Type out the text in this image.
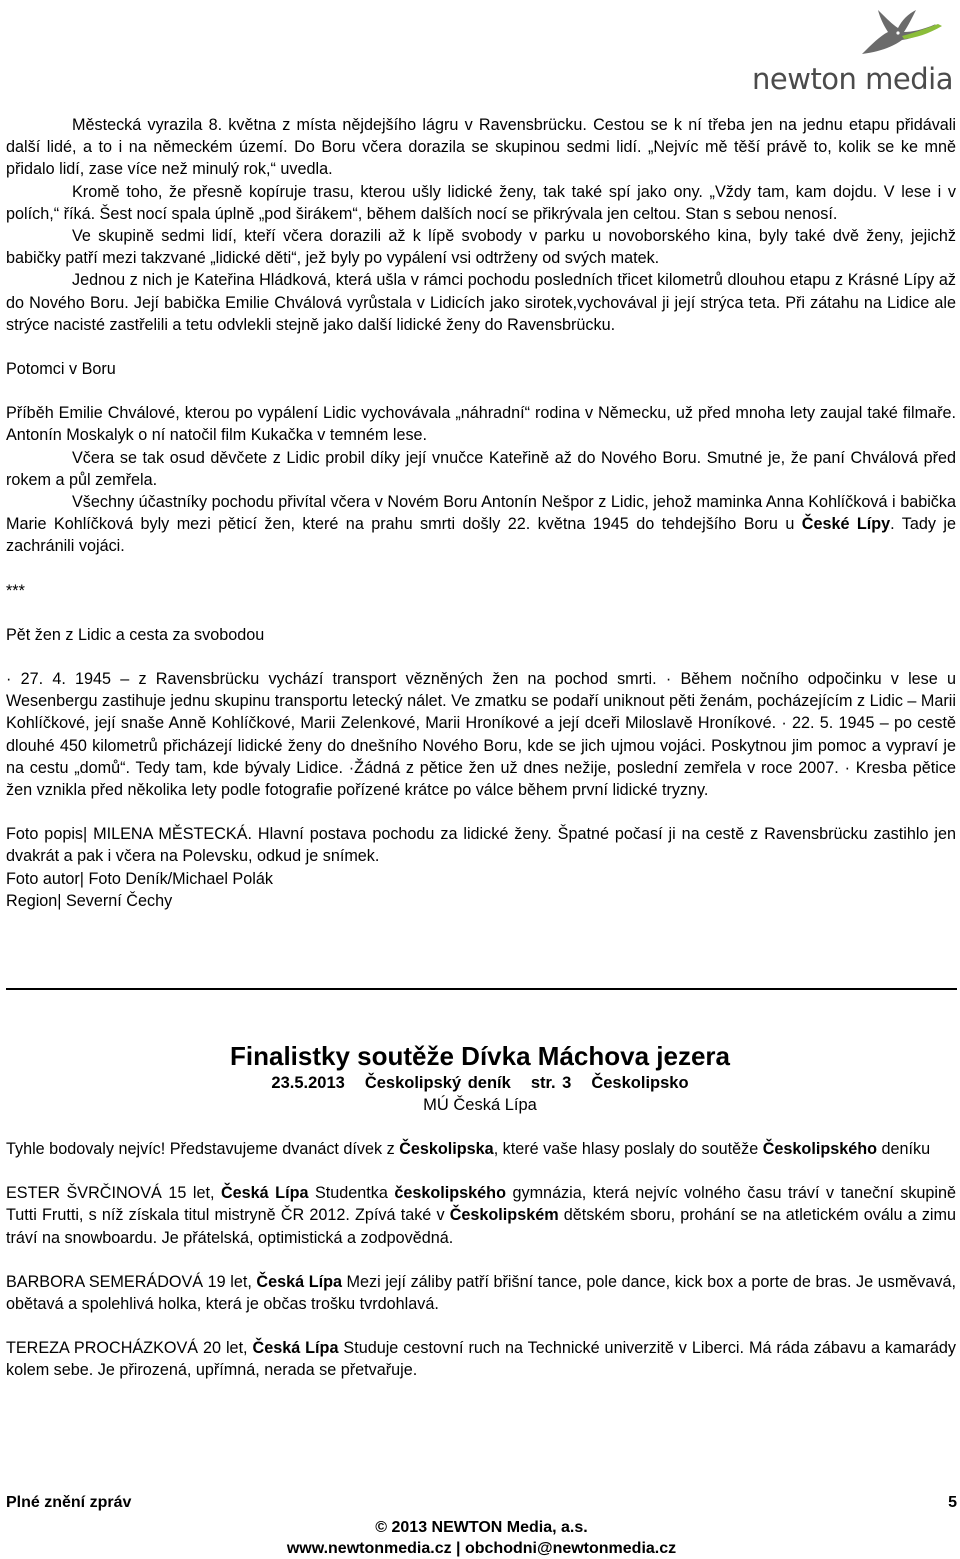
newton media

Městecká vyrazila 8. května z místa nějdejšího lágru v Ravensbrücku. Cestou se k ní třeba jen na jednu etapu přidávali další lidé, a to i na německém území. Do Boru včera dorazila se skupinou sedmi lidí. „Nejvíc mě těší právě to, kolik se ke mně přidalo lidí, zase více než minulý rok,“ uvedla.

Kromě toho, že přesně kopíruje trasu, kterou ušly lidické ženy, tak také spí jako ony. „Vždy tam, kam dojdu. V lese i v polích,“ říká. Šest nocí spala úplně „pod širákem“, během dalších nocí se přikrývala jen celtou. Stan s sebou nenosí.

Ve skupině sedmi lidí, kteří včera dorazili až k lípě svobody v parku u novoborského kina, byly také dvě ženy, jejichž babičky patří mezi takzvané „lidické děti“, jež byly po vypálení vsi odtrženy od svých matek.

Jednou z nich je Kateřina Hládková, která ušla v rámci pochodu posledních třicet kilometrů dlouhou etapu z Krásné Lípy až do Nového Boru. Její babička Emilie Chválová vyrůstala v Lidicích jako sirotek,vychovával ji její strýca teta. Při zátahu na Lidice ale strýce nacisté zastřelili a tetu odvlekli stejně jako další lidické ženy do Ravensbrücku.

Potomci v Boru

Příběh Emilie Chválové, kterou po vypálení Lidic vychovávala „náhradní“ rodina v Německu, už před mnoha lety zaujal také filmaře. Antonín Moskalyk o ní natočil film Kukačka v temném lese.

Včera se tak osud děvčete z Lidic probil díky její vnučce Kateřině až do Nového Boru. Smutné je, že paní Chválová před rokem a půl zemřela.

Všechny účastníky pochodu přivítal včera v Novém Boru Antonín Nešpor z Lidic, jehož maminka Anna Kohlíčková i babička Marie Kohlíčková byly mezi pěticí žen, které na prahu smrti došly 22. května 1945 do tehdejšího Boru u České Lípy. Tady je zachránili vojáci.

***

Pět žen z Lidic a cesta za svobodou

· 27. 4. 1945 – z Ravensbrücku vychází transport vězněných žen na pochod smrti. · Během nočního odpočinku v lese u Wesenbergu zastihuje jednu skupinu transportu letecký nálet. Ve zmatku se podaří uniknout pěti ženám, pocházejícím z Lidic – Marii Kohlíčkové, její snaše Anně Kohlíčkové, Marii Zelenkové, Marii Hroníkové a její dceři Miloslavě Hroníkové. · 22. 5. 1945 – po cestě dlouhé 450 kilometrů přicházejí lidické ženy do dnešního Nového Boru, kde se jich ujmou vojáci. Poskytnou jim pomoc a vypraví je na cestu „domů“. Tedy tam, kde bývaly Lidice. ·Žádná z pětice žen už dnes nežije, poslední zemřela v roce 2007. · Kresba pětice žen vznikla před několika lety podle fotografie pořízené krátce po válce během první lidické tryzny.

Foto popis| MILENA MĚSTECKÁ. Hlavní postava pochodu za lidické ženy. Špatné počasí ji na cestě z Ravensbrücku zastihlo jen dvakrát a pak i včera na Polevsku, odkud je snímek.

Foto autor| Foto Deník/Michael Polák

Region| Severní Čechy

Finalistky soutěže Dívka Máchova jezera
23.5.2013 Českolipský deník str. 3 Českolipsko
MÚ Česká Lípa

Tyhle bodovaly nejvíc! Představujeme dvanáct dívek z Českolipska, které vaše hlasy poslaly do soutěže Českolipského deníku

ESTER ŠVRČINOVÁ 15 let, Česká Lípa Studentka českolipského gymnázia, která nejvíc volného času tráví v taneční skupině Tutti Frutti, s níž získala titul mistryně ČR 2012. Zpívá také v Českolipském dětském sboru, prohání se na atletickém oválu a zimu tráví na snowboardu. Je přátelská, optimistická a zodpovědná.

BARBORA SEMERÁDOVÁ 19 let, Česká Lípa Mezi její záliby patří břišní tance, pole dance, kick box a porte de bras. Je usměvavá, obětavá a spolehlivá holka, která je občas trošku tvrdohlavá.

TEREZA PROCHÁZKOVÁ 20 let, Česká Lípa Studuje cestovní ruch na Technické univerzitě v Liberci. Má ráda zábavu a kamarády kolem sebe. Je přirozená, upřímná, nerada se přetvařuje.

Plné znění zpráv	5
© 2013 NEWTON Media, a.s.
www.newtonmedia.cz | obchodni@newtonmedia.cz
